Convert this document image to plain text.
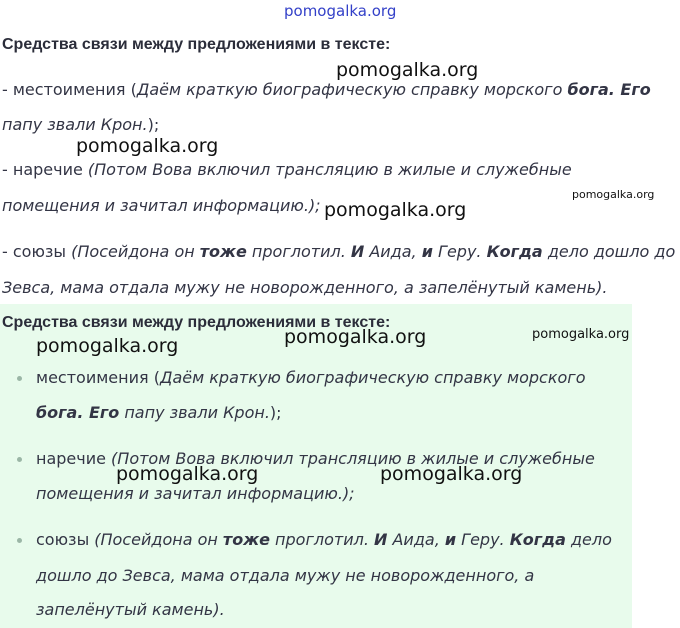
pomogalka.org
Средства связи между предложениями в тексте:
- местоимения (Даём краткую биографическую справку морского бога. Его
папу звали Крон.);
- наречие (Потом Вова включил трансляцию в жилые и служебные
помещения и зачитал информацию.);
- союзы (Посейдона он тоже проглотил. И Аида, и Геру. Когда дело дошло до
Зевса, мама отдала мужу не новорожденного, а запелёнутый камень).
Средства связи между предложениями в тексте:
местоимения (Даём краткую биографическую справку морского
бога. Его папу звали Крон.);
наречие (Потом Вова включил трансляцию в жилые и служебные
помещения и зачитал информацию.);
союзы (Посейдона он тоже проглотил. И Аида, и Геру. Когда дело
дошло до Зевса, мама отдала мужу не новорожденного, а
запелёнутый камень).
pomogalka.org
pomogalka.org
pomogalka.org
pomogalka.org
pomogalka.org
pomogalka.org
pomogalka.org
pomogalka.org	pomogalka.org
